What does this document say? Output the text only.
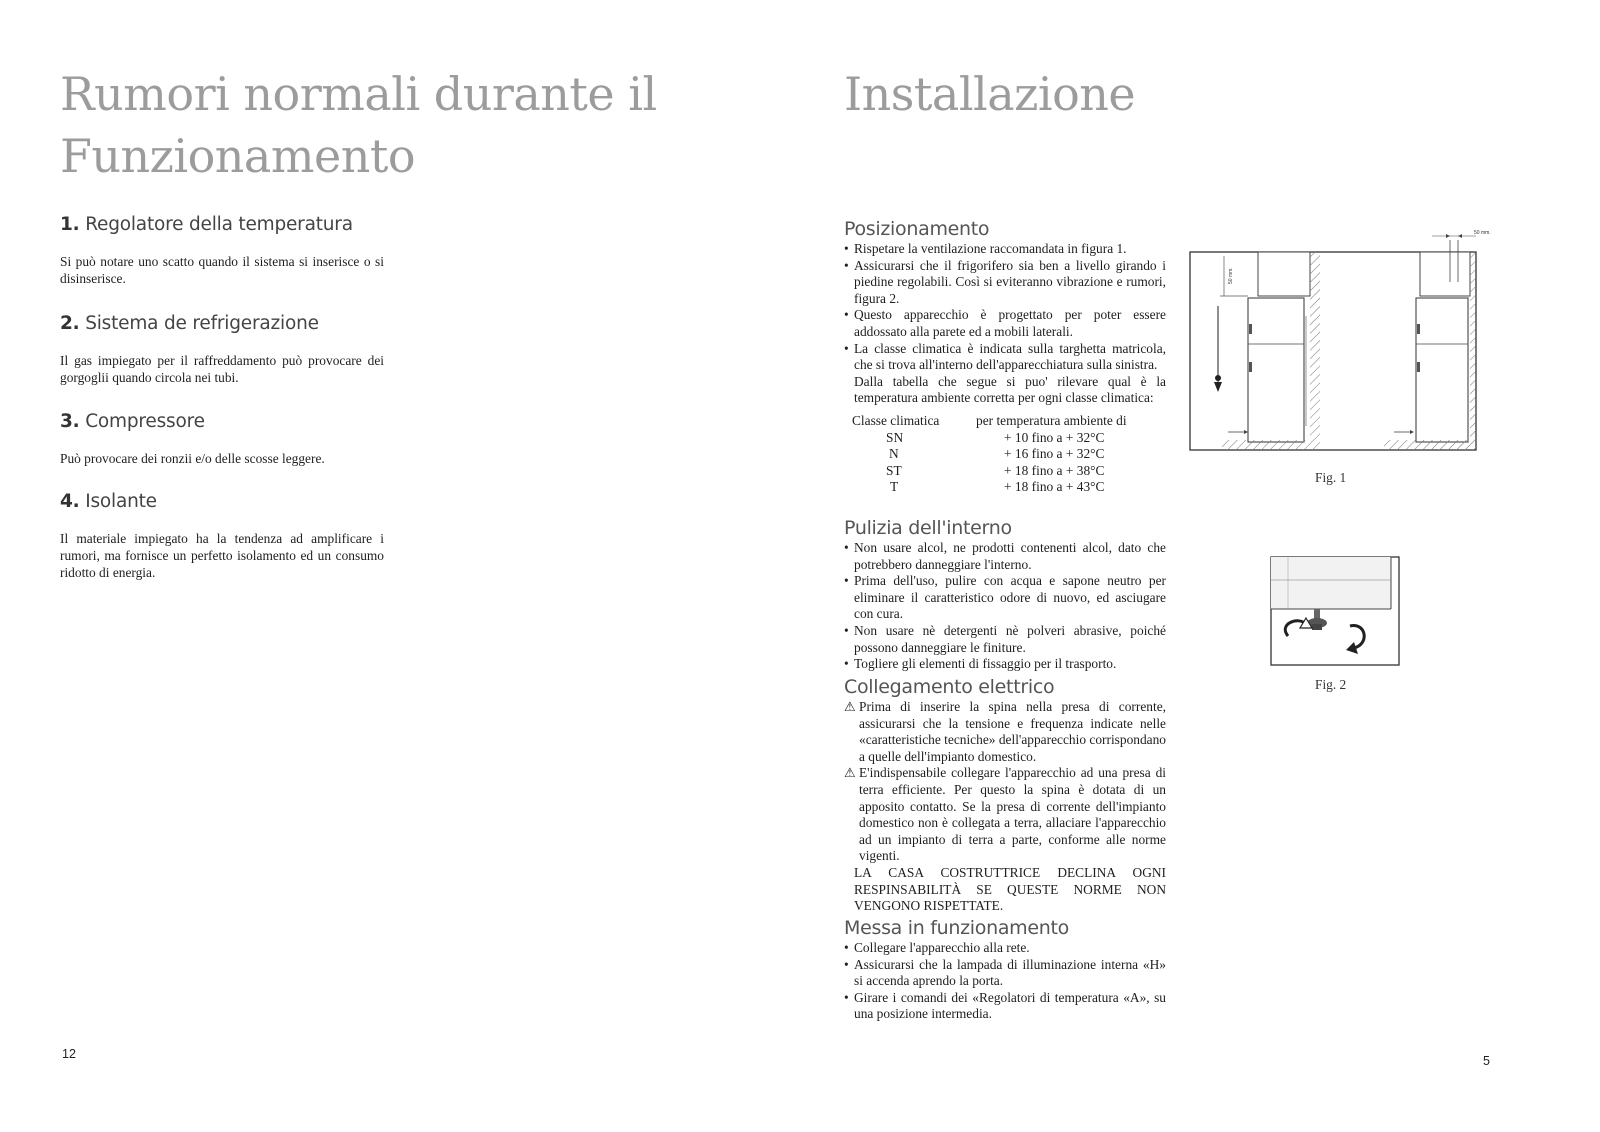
Rumori normali durante il
Funzionamento
1. Regolatore della temperatura

Si può notare uno scatto quando il sistema si inserisce o si disinserisce.

2. Sistema de refrigerazione

Il gas impiegato per il raffreddamento può provocare dei gorgoglii quando circola nei tubi.

3. Compressore

Può provocare dei ronzii e/o delle scosse leggere.

4. Isolante

Il materiale impiegato ha la tendenza ad amplificare i rumori, ma fornisce un perfetto isolamento ed un consumo ridotto di energia.

12
Installazione
Posizionamento
• Rispetare la ventilazione raccomandata in figura 1.
• Assicurarsi che il frigorifero sia ben a livello girando i piedine regolabili. Così si eviteranno vibrazione e rumori, figura 2.
• Questo apparecchio è progettato per poter essere addossato alla parete ed a mobili laterali.
• La classe climatica è indicata sulla targhetta matricola, che si trova all'interno dell'apparecchiatura sulla sinistra.

Dalla tabella che segue si puo' rilevare qual è la temperatura ambiente corretta per ogni classe climatica:

Classe climatica	per temperatura ambiente di
SN	+ 10 fino a + 32°C
N	+ 16 fino a + 32°C
ST	+ 18 fino a + 38°C
T	+ 18 fino a + 43°C
Pulizia dell'interno
• Non usare alcol, ne prodotti contenenti alcol, dato che potrebbero danneggiare l'interno.
• Prima dell'uso, pulire con acqua e sapone neutro per eliminare il caratteristico odore di nuovo, ed asciugare con cura.
• Non usare nè detergenti nè polveri abrasive, poiché possono danneggiare le finiture.
• Togliere gli elementi di fissaggio per il trasporto.
Collegamento elettrico
⚠ Prima di inserire la spina nella presa di corrente, assicurarsi che la tensione e frequenza indicate nelle «caratteristiche tecniche» dell'apparecchio corrispondano a quelle dell'impianto domestico.
⚠ E'indispensabile collegare l'apparecchio ad una presa di terra efficiente. Per questo la spina è dotata di un apposito contatto. Se la presa di corrente dell'impianto domestico non è collegata a terra, allaciare l'apparecchio ad un impianto di terra a parte, conforme alle norme vigenti.

LA CASA COSTRUTTRICE DECLINA OGNI RESPINSABILITÀ SE QUESTE NORME NON VENGONO RISPETTATE.

Messa in funzionamento
• Collegare l'apparecchio alla rete.
• Assicurarsi che la lampada di illuminazione interna «H» si accenda aprendo la porta.
• Girare i comandi dei «Regolatori di temperatura «A», su una posizione intermedia.
50 mm.
50 mm.
Fig. 1
Fig. 2
5
